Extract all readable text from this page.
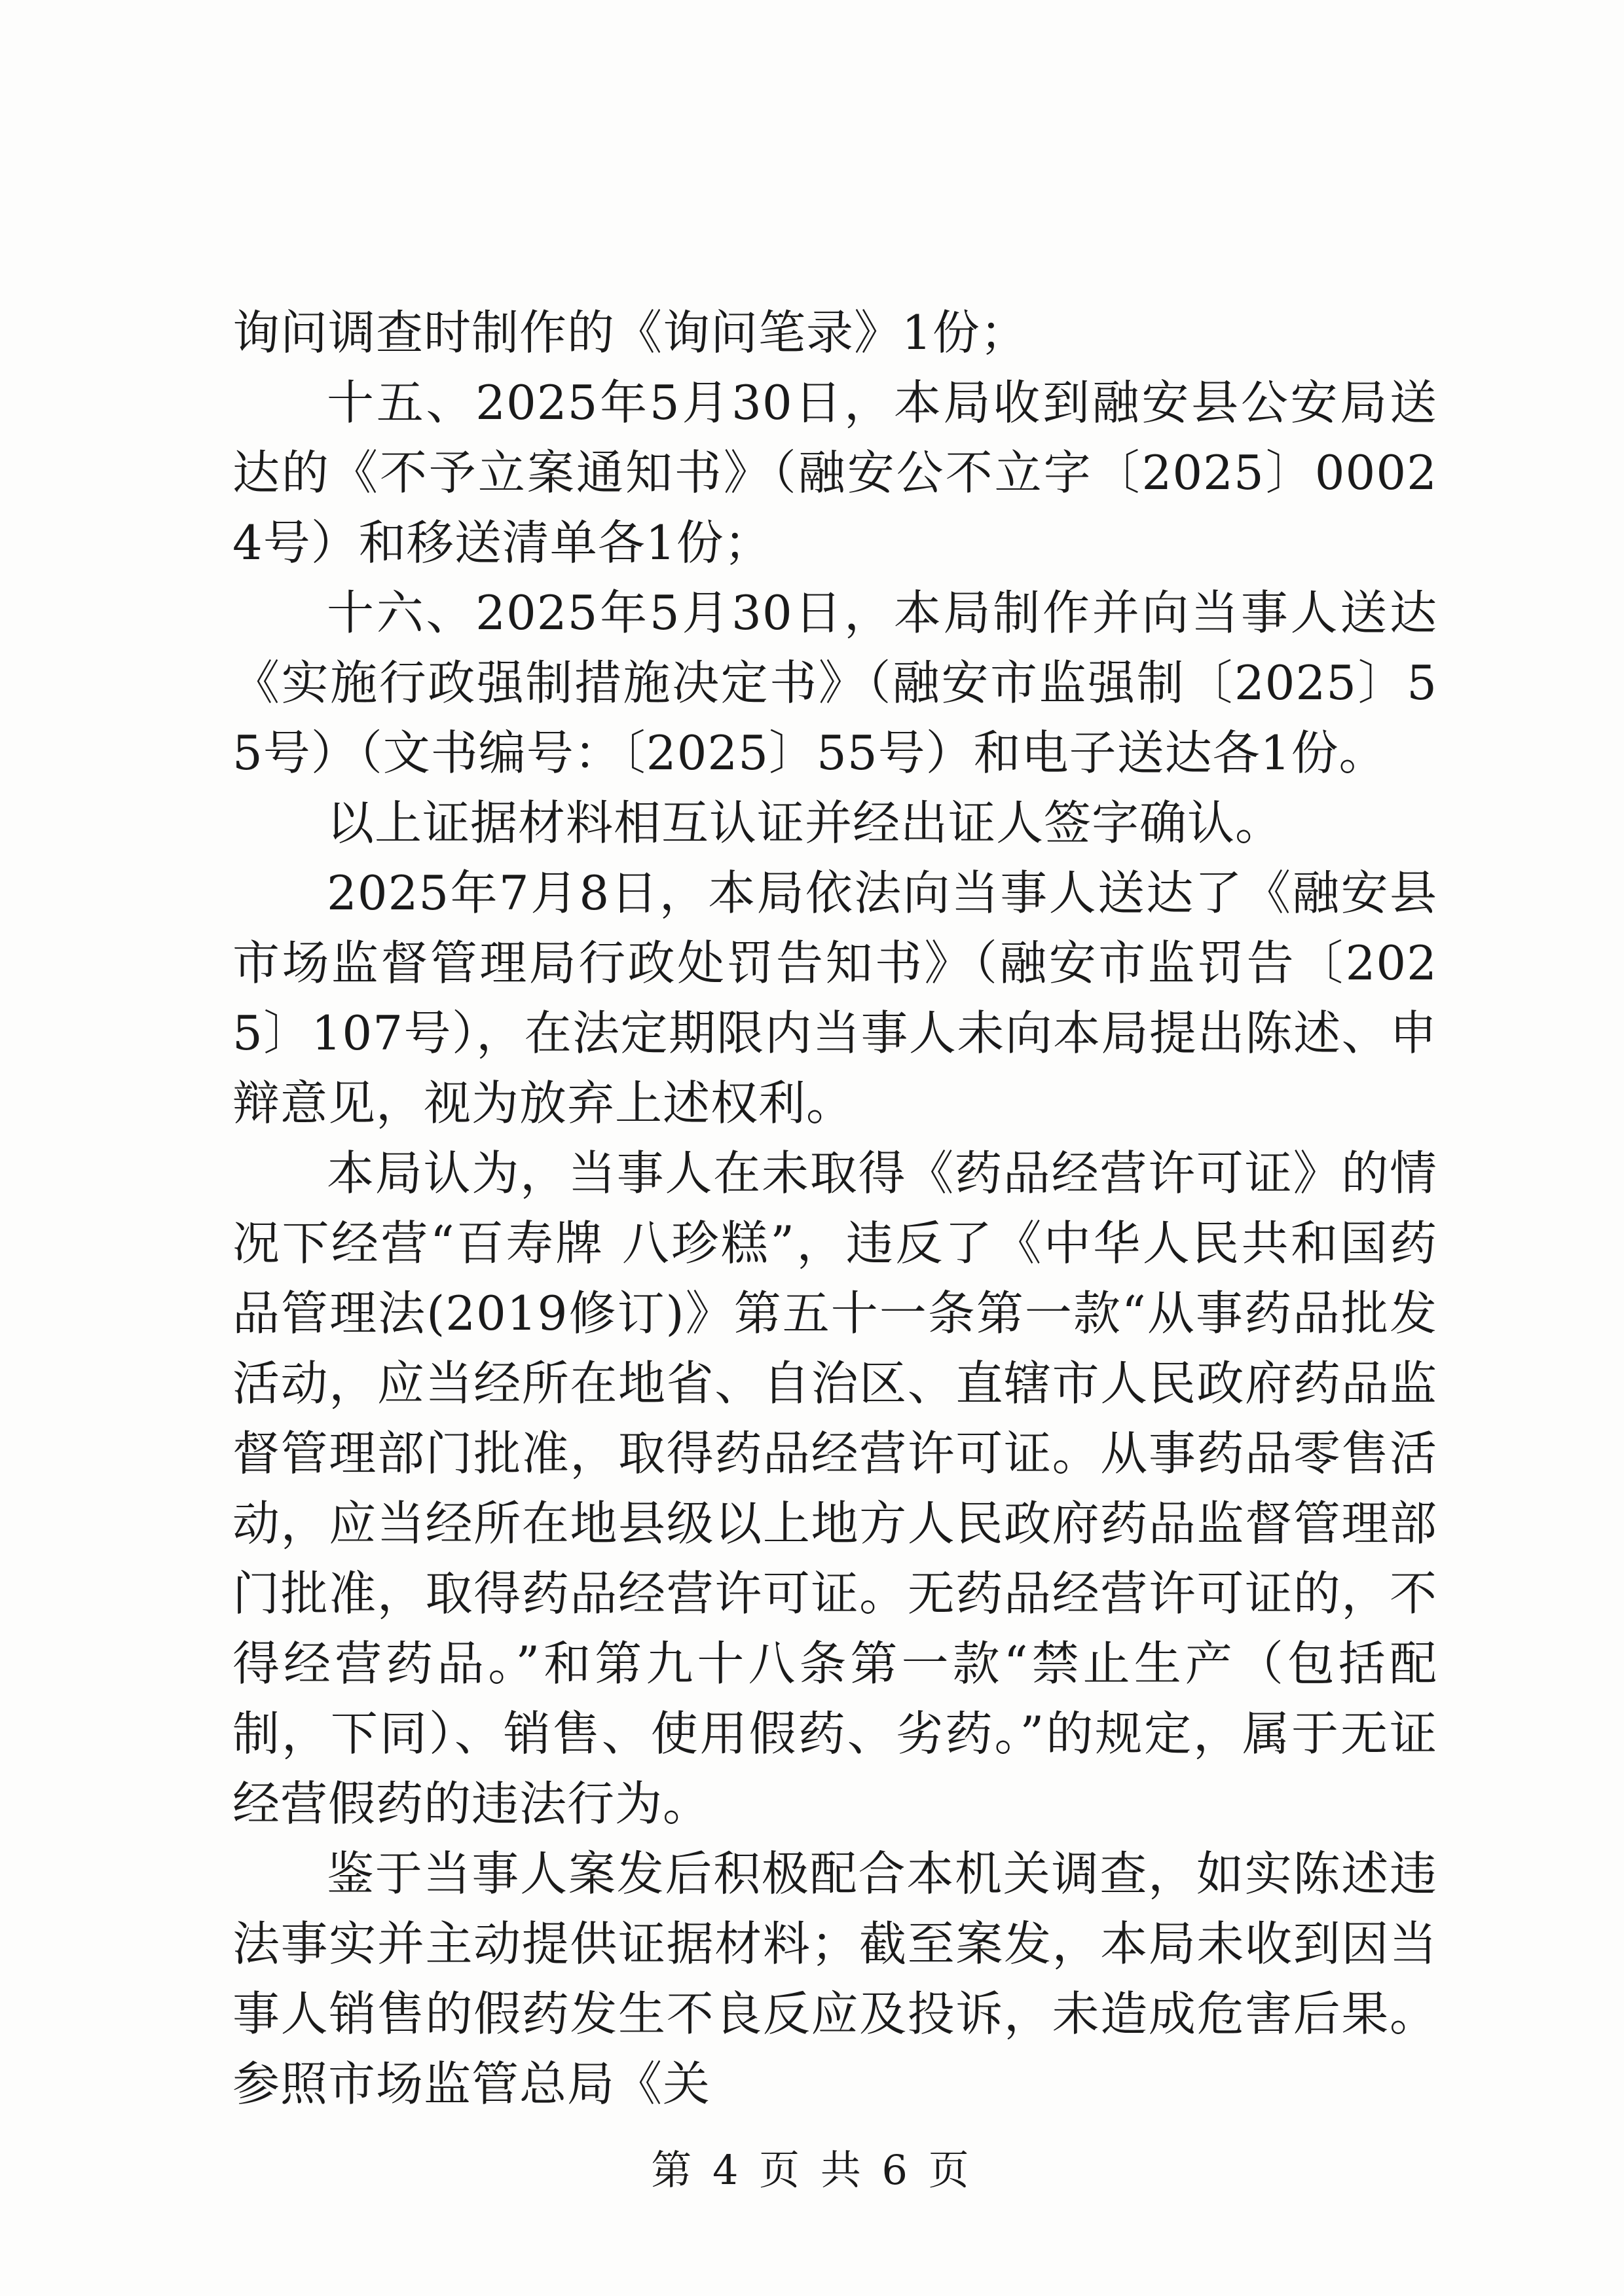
询问调查时制作的《询问笔录》1份；

十五、2025年5月30日，本局收到融安县公安局送达的《不予立案通知书》（融安公不立字〔2025〕00024号）和移送清单各1份；

十六、2025年5月30日，本局制作并向当事人送达《实施行政强制措施决定书》（融安市监强制〔2025〕55号）（文书编号：〔2025〕55号）和电子送达各1份。

以上证据材料相互认证并经出证人签字确认。

2025年7月8日，本局依法向当事人送达了《融安县市场监督管理局行政处罚告知书》（融安市监罚告〔2025〕107号），在法定期限内当事人未向本局提出陈述、申辩意见，视为放弃上述权利。

本局认为，当事人在未取得《药品经营许可证》的情况下经营“百寿牌 八珍糕”，违反了《中华人民共和国药品管理法(2019修订)》第五十一条第一款“从事药品批发活动，应当经所在地省、自治区、直辖市人民政府药品监督管理部门批准，取得药品经营许可证。从事药品零售活动，应当经所在地县级以上地方人民政府药品监督管理部门批准，取得药品经营许可证。无药品经营许可证的，不得经营药品。”和第九十八条第一款“禁止生产（包括配制，下同）、销售、使用假药、劣药。”的规定，属于无证经营假药的违法行为。

鉴于当事人案发后积极配合本机关调查，如实陈述违法事实并主动提供证据材料；截至案发，本局未收到因当事人销售的假药发生不良反应及投诉，未造成危害后果。参照市场监管总局《关

第 4 页 共 6 页
